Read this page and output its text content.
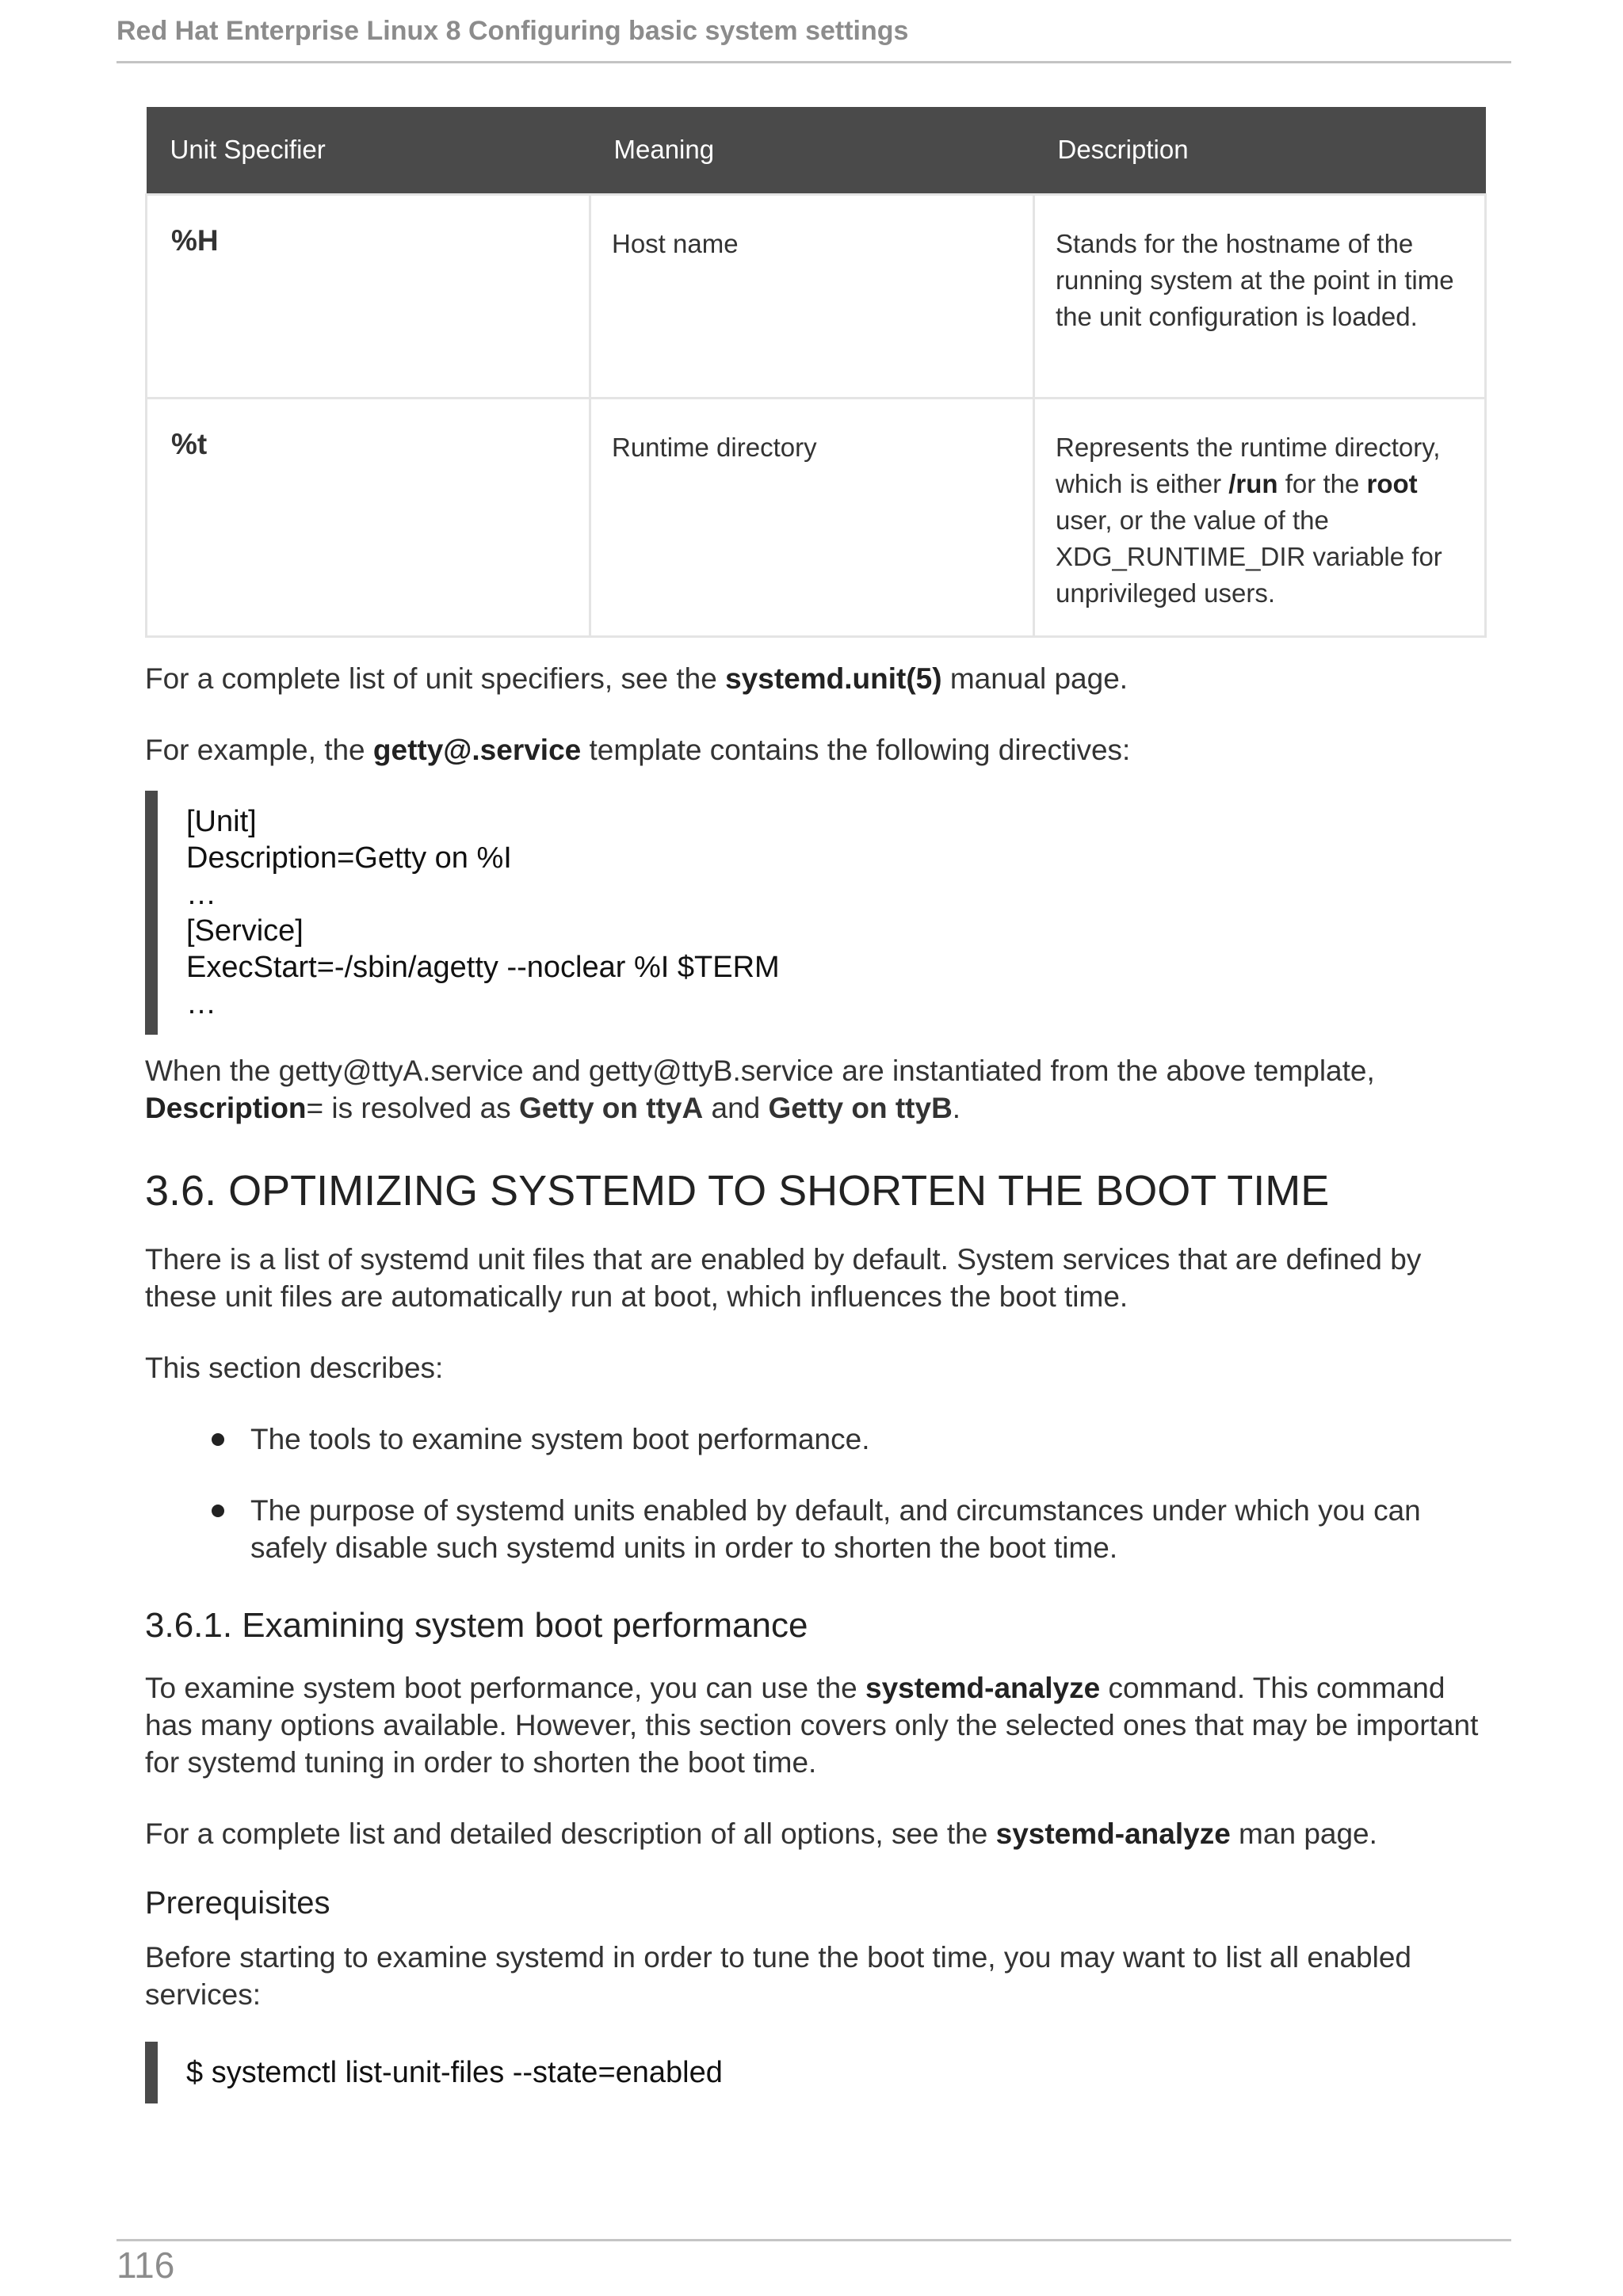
Red Hat Enterprise Linux 8 Configuring basic system settings
Unit Specifier	Meaning	Description
%H	Host name	Stands for the hostname of the running system at the point in time the unit configuration is loaded.
%t	Runtime directory	Represents the runtime directory, which is either /run for the root user, or the value of the XDG_RUNTIME_DIR variable for unprivileged users.

For a complete list of unit specifiers, see the systemd.unit(5) manual page.

For example, the getty@.service template contains the following directives:

[Unit]
Description=Getty on %I
…
[Service]
ExecStart=-/sbin/agetty --noclear %I $TERM
…

When the getty@ttyA.service and getty@ttyB.service are instantiated from the above template, Description= is resolved as Getty on ttyA and Getty on ttyB.

3.6. OPTIMIZING SYSTEMD TO SHORTEN THE BOOT TIME

There is a list of systemd unit files that are enabled by default. System services that are defined by these unit files are automatically run at boot, which influences the boot time.

This section describes:

The tools to examine system boot performance.
The purpose of systemd units enabled by default, and circumstances under which you can safely disable such systemd units in order to shorten the boot time.
3.6.1. Examining system boot performance

To examine system boot performance, you can use the systemd-analyze command. This command has many options available. However, this section covers only the selected ones that may be important for systemd tuning in order to shorten the boot time.

For a complete list and detailed description of all options, see the systemd-analyze man page.

Prerequisites

Before starting to examine systemd in order to tune the boot time, you may want to list all enabled services:

$ systemctl list-unit-files --state=enabled
116
